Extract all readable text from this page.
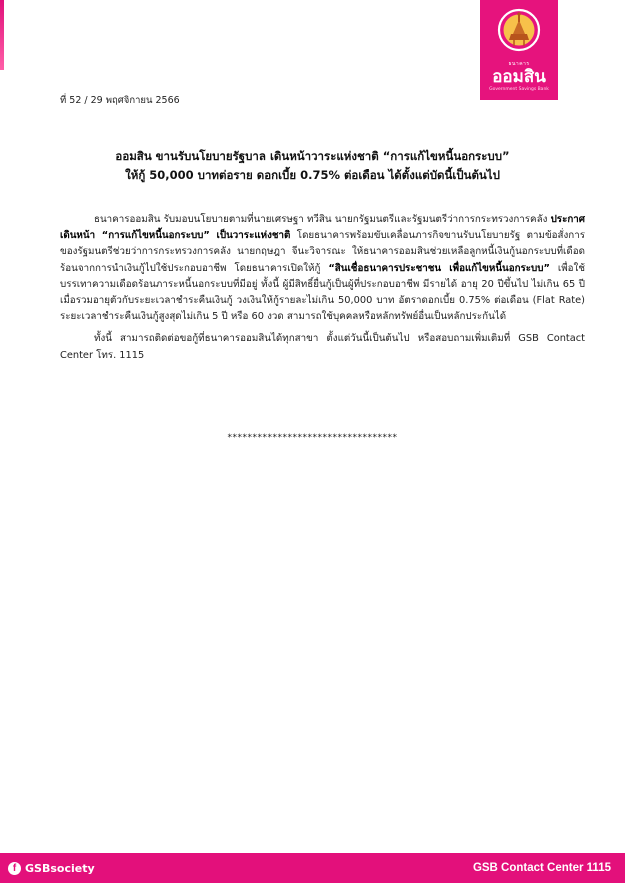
ธนาคาร
ออมสิน
Government Savings Bank
ที่ 52 / 29 พฤศจิกายน 2566
ออมสิน ขานรับนโยบายรัฐบาล เดินหน้าวาระแห่งชาติ “การแก้ไขหนี้นอกระบบ”
ให้กู้ 50,000 บาทต่อราย ดอกเบี้ย 0.75% ต่อเดือน ได้ตั้งแต่บัดนี้เป็นต้นไป

ธนาคารออมสิน รับมอบนโยบายตามที่นายเศรษฐา ทวีสิน นายกรัฐมนตรีและรัฐมนตรีว่าการกระทรวงการคลัง ประกาศเดินหน้า “การแก้ไขหนี้นอกระบบ” เป็นวาระแห่งชาติ โดยธนาคารพร้อมขับเคลื่อนภารกิจขานรับนโยบายรัฐ ตามข้อสั่งการของรัฐมนตรีช่วยว่าการกระทรวงการคลัง นายกฤษฎา จีนะวิจารณะ ให้ธนาคารออมสินช่วยเหลือลูกหนี้เงินกู้นอกระบบที่เดือดร้อนจากการนำเงินกู้ไปใช้ประกอบอาชีพ โดยธนาคารเปิดให้กู้ “สินเชื่อธนาคารประชาชน เพื่อแก้ไขหนี้นอกระบบ” เพื่อใช้บรรเทาความเดือดร้อนภาระหนี้นอกระบบที่มีอยู่ ทั้งนี้ ผู้มีสิทธิ์ยื่นกู้เป็นผู้ที่ประกอบอาชีพ มีรายได้ อายุ 20 ปีขึ้นไป ไม่เกิน 65 ปีเมื่อรวมอายุตัวกับระยะเวลาชำระคืนเงินกู้ วงเงินให้กู้รายละไม่เกิน 50,000 บาท อัตราดอกเบี้ย 0.75% ต่อเดือน (Flat Rate) ระยะเวลาชำระคืนเงินกู้สูงสุดไม่เกิน 5 ปี หรือ 60 งวด สามารถใช้บุคคลหรือหลักทรัพย์อื่นเป็นหลักประกันได้

ทั้งนี้ สามารถติดต่อขอกู้ที่ธนาคารออมสินได้ทุกสาขา ตั้งแต่วันนี้เป็นต้นไป หรือสอบถามเพิ่มเติมที่ GSB Contact Center โทร. 1115

**********************************
f GSBsociety	GSB Contact Center 1115
